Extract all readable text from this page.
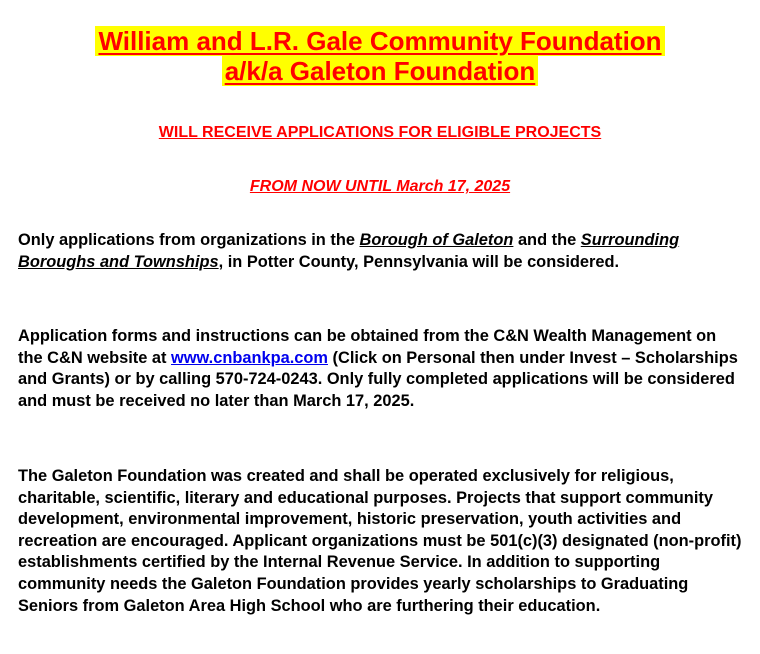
William and L.R. Gale Community Foundation
a/k/a Galeton Foundation
WILL RECEIVE APPLICATIONS FOR ELIGIBLE PROJECTS
FROM NOW UNTIL March 17, 2025
Only applications from organizations in the Borough of Galeton and the Surrounding Boroughs and Townships, in Potter County, Pennsylvania will be considered.
Application forms and instructions can be obtained from the C&N Wealth Management on the C&N website at www.cnbankpa.com (Click on Personal then under Invest – Scholarships and Grants) or by calling 570-724-0243. Only fully completed applications will be considered and must be received no later than March 17, 2025.
The Galeton Foundation was created and shall be operated exclusively for religious, charitable, scientific, literary and educational purposes. Projects that support community development, environmental improvement, historic preservation, youth activities and recreation are encouraged. Applicant organizations must be 501(c)(3) designated (non-profit) establishments certified by the Internal Revenue Service. In addition to supporting community needs the Galeton Foundation provides yearly scholarships to Graduating Seniors from Galeton Area High School who are furthering their education.
